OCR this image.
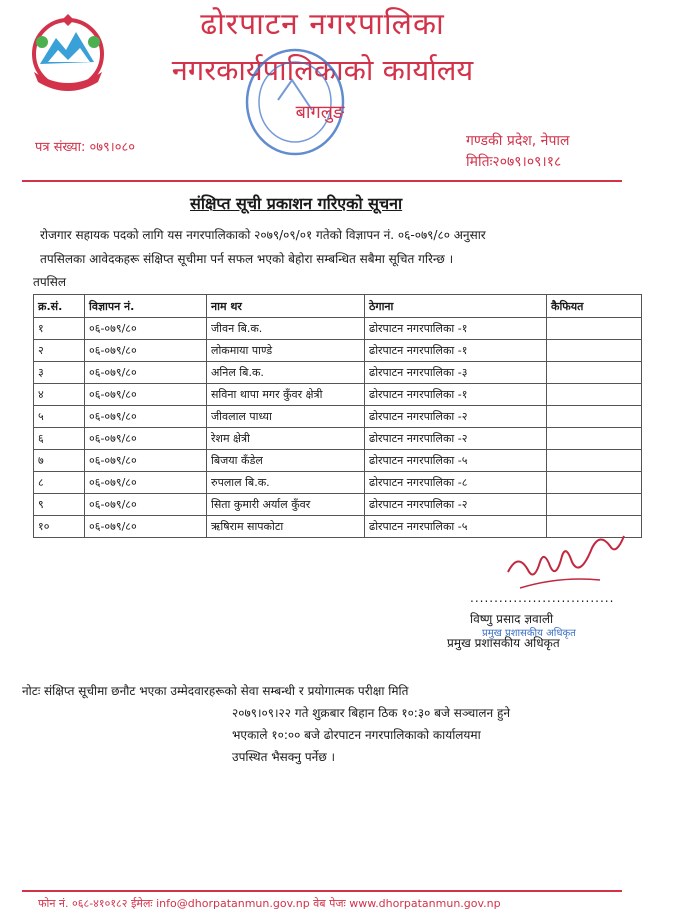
ढोरपाटन नगरपालिका
नगरकार्यपालिकाको कार्यालय
बागलुङ
पत्र संख्या: ०७९।०८०	गण्डकी प्रदेश, नेपाल
मितिः२०७९।०९।१८
संक्षिप्त सूची प्रकाशन गरिएको सूचना
रोजगार सहायक पदको लागि यस नगरपालिकाको २०७९/०९/०१ गतेको विज्ञापन नं. ०६-०७९/८० अनुसार
तपसिलका आवेदकहरू संक्षिप्त सूचीमा पर्न सफल भएको बेहोरा सम्बन्धित सबैमा सूचित गरिन्छ ।
तपसिल
क्र.सं.	विज्ञापन नं.	नाम थर	ठेगाना	कैफियत
१	०६-०७९/८०	जीवन बि.क.	ढोरपाटन नगरपालिका -१	
२	०६-०७९/८०	लोकमाया पाण्डे	ढोरपाटन नगरपालिका -१	
३	०६-०७९/८०	अनिल बि.क.	ढोरपाटन नगरपालिका -३	
४	०६-०७९/८०	सविना थापा मगर कुँवर क्षेत्री	ढोरपाटन नगरपालिका -१	
५	०६-०७९/८०	जीवलाल पाध्या	ढोरपाटन नगरपालिका -२	
६	०६-०७९/८०	रेशम क्षेत्री	ढोरपाटन नगरपालिका -२	
७	०६-०७९/८०	बिजया कँडेल	ढोरपाटन नगरपालिका -५	
८	०६-०७९/८०	रुपलाल बि.क.	ढोरपाटन नगरपालिका -८	
९	०६-०७९/८०	सिता कुमारी अर्याल कुँवर	ढोरपाटन नगरपालिका -२	
१०	०६-०७९/८०	ऋषिराम सापकोटा	ढोरपाटन नगरपालिका -५	
..............................
विष्णु प्रसाद ज्ञवाली
प्रमुख प्रशासकीय अधिकृत
प्रमुख प्रशासकीय अधिकृत
नोटः संक्षिप्त सूचीमा छनौट भएका उम्मेदवारहरूको सेवा सम्बन्धी र प्रयोगात्मक परीक्षा मिति
२०७९।०९।२२ गते शुक्रबार बिहान ठिक १०:३० बजे सञ्चालन हुने
भएकाले १०:०० बजे ढोरपाटन नगरपालिकाको कार्यालयमा
उपस्थित भैसक्नु पर्नेछ ।
फोन नं. ०६८-४१०१८२ ईमेलः info@dhorpatanmun.gov.np वेब पेजः www.dhorpatanmun.gov.np
